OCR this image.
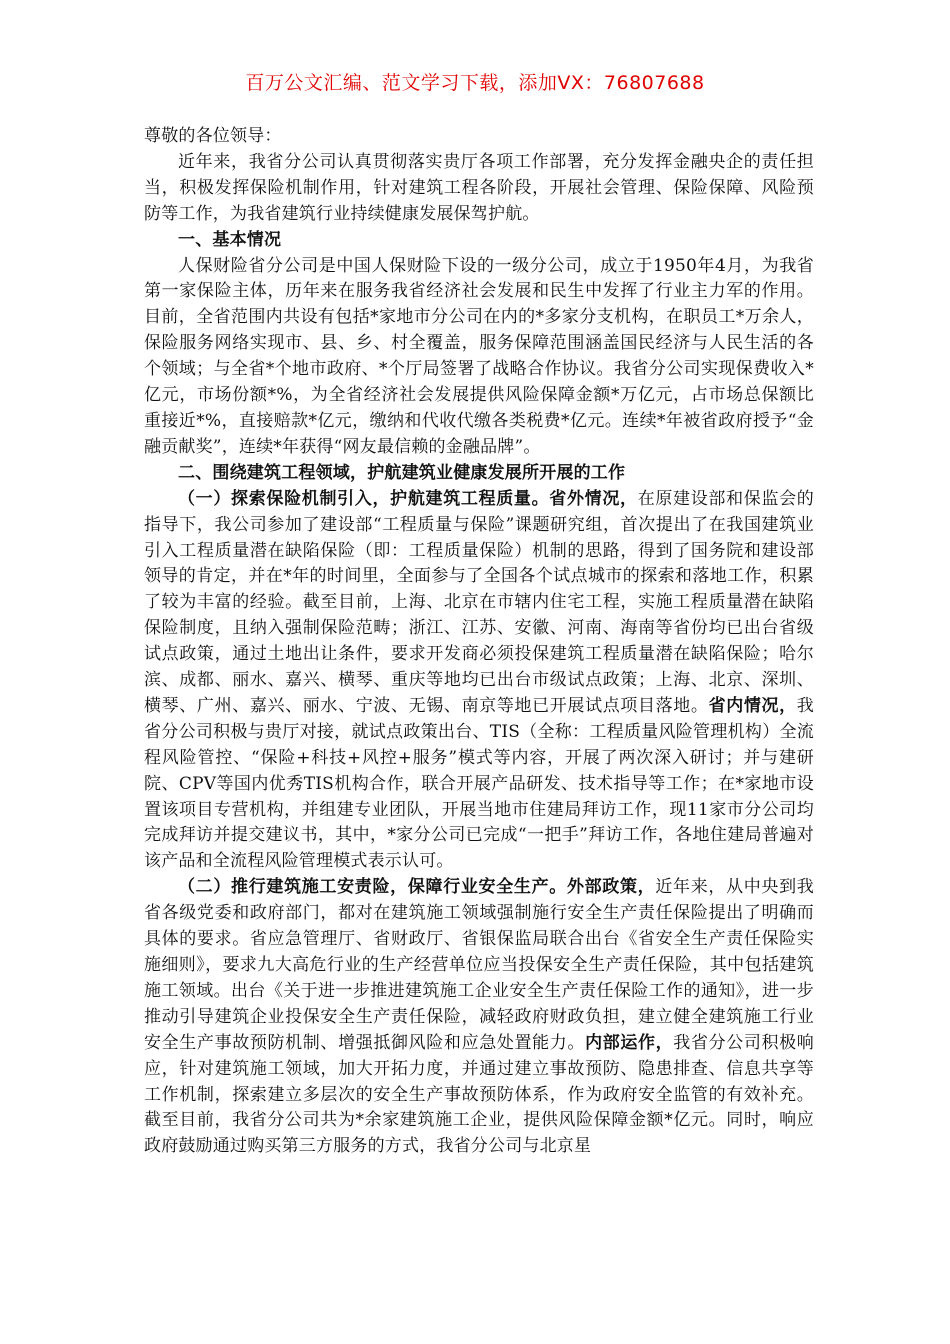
百万公文汇编、范文学习下载，添加VX：76807688

尊敬的各位领导：

近年来，我省分公司认真贯彻落实贵厅各项工作部署，充分发挥金融央企的责任担当，积极发挥保险机制作用，针对建筑工程各阶段，开展社会管理、保险保障、风险预防等工作，为我省建筑行业持续健康发展保驾护航。

一、基本情况

人保财险省分公司是中国人保财险下设的一级分公司，成立于1950年4月，为我省第一家保险主体，历年来在服务我省经济社会发展和民生中发挥了行业主力军的作用。目前，全省范围内共设有包括*家地市分公司在内的*多家分支机构，在职员工*万余人，保险服务网络实现市、县、乡、村全覆盖，服务保障范围涵盖国民经济与人民生活的各个领域；与全省*个地市政府、*个厅局签署了战略合作协议。我省分公司实现保费收入*亿元，市场份额*%，为全省经济社会发展提供风险保障金额*万亿元，占市场总保额比重接近*%，直接赔款*亿元，缴纳和代收代缴各类税费*亿元。连续*年被省政府授予“金融贡献奖”，连续*年获得“网友最信赖的金融品牌”。

二、围绕建筑工程领域，护航建筑业健康发展所开展的工作

（一）探索保险机制引入，护航建筑工程质量。省外情况，在原建设部和保监会的指导下，我公司参加了建设部“工程质量与保险”课题研究组，首次提出了在我国建筑业引入工程质量潜在缺陷保险（即：工程质量保险）机制的思路，得到了国务院和建设部领导的肯定，并在*年的时间里，全面参与了全国各个试点城市的探索和落地工作，积累了较为丰富的经验。截至目前，上海、北京在市辖内住宅工程，实施工程质量潜在缺陷保险制度，且纳入强制保险范畴；浙江、江苏、安徽、河南、海南等省份均已出台省级试点政策，通过土地出让条件，要求开发商必须投保建筑工程质量潜在缺陷保险；哈尔滨、成都、丽水、嘉兴、横琴、重庆等地均已出台市级试点政策；上海、北京、深圳、横琴、广州、嘉兴、丽水、宁波、无锡、南京等地已开展试点项目落地。省内情况，我省分公司积极与贵厅对接，就试点政策出台、TIS（全称：工程质量风险管理机构）全流程风险管控、“保险+科技+风控+服务”模式等内容，开展了两次深入研讨；并与建研院、CPV等国内优秀TIS机构合作，联合开展产品研发、技术指导等工作；在*家地市设置该项目专营机构，并组建专业团队，开展当地市住建局拜访工作，现11家市分公司均完成拜访并提交建议书，其中，*家分公司已完成“一把手”拜访工作，各地住建局普遍对该产品和全流程风险管理模式表示认可。

（二）推行建筑施工安责险，保障行业安全生产。外部政策，近年来，从中央到我省各级党委和政府部门，都对在建筑施工领域强制施行安全生产责任保险提出了明确而具体的要求。省应急管理厅、省财政厅、省银保监局联合出台《省安全生产责任保险实施细则》，要求九大高危行业的生产经营单位应当投保安全生产责任保险，其中包括建筑施工领域。出台《关于进一步推进建筑施工企业安全生产责任保险工作的通知》，进一步推动引导建筑企业投保安全生产责任保险，减轻政府财政负担，建立健全建筑施工行业安全生产事故预防机制、增强抵御风险和应急处置能力。内部运作，我省分公司积极响应，针对建筑施工领域，加大开拓力度，并通过建立事故预防、隐患排查、信息共享等工作机制，探索建立多层次的安全生产事故预防体系，作为政府安全监管的有效补充。截至目前，我省分公司共为*余家建筑施工企业，提供风险保障金额*亿元。同时，响应政府鼓励通过购买第三方服务的方式，我省分公司与北京星
